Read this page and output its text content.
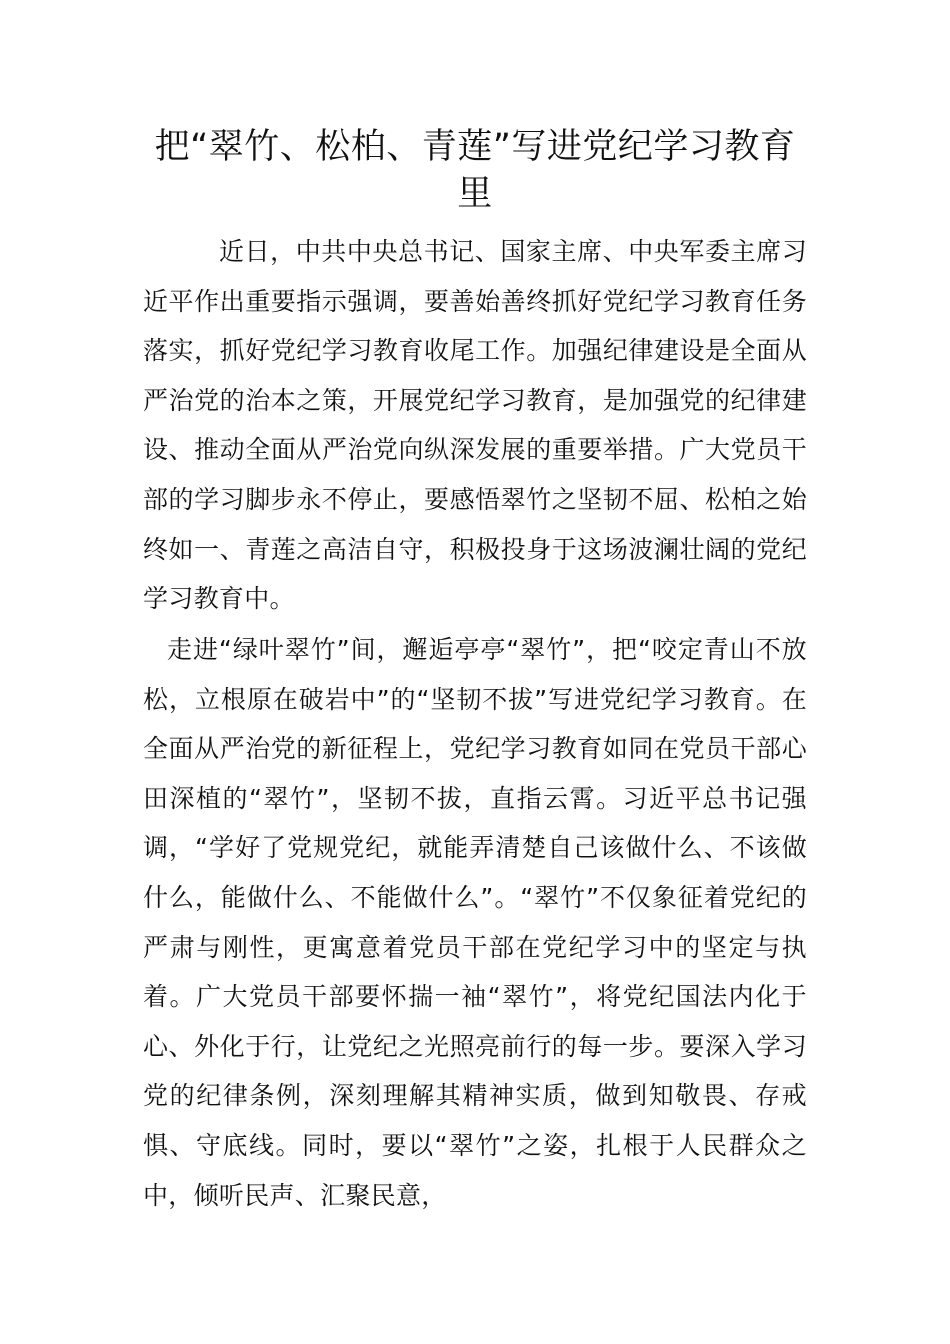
把“翠竹、松柏、青莲”写进党纪学习教育里

近日，中共中央总书记、国家主席、中央军委主席习近平作出重要指示强调，要善始善终抓好党纪学习教育任务落实，抓好党纪学习教育收尾工作。加强纪律建设是全面从严治党的治本之策，开展党纪学习教育，是加强党的纪律建设、推动全面从严治党向纵深发展的重要举措。广大党员干部的学习脚步永不停止，要感悟翠竹之坚韧不屈、松柏之始终如一、青莲之高洁自守，积极投身于这场波澜壮阔的党纪学习教育中。

走进“绿叶翠竹”间，邂逅亭亭“翠竹”，把“咬定青山不放松，立根原在破岩中”的“坚韧不拔”写进党纪学习教育。在全面从严治党的新征程上，党纪学习教育如同在党员干部心田深植的“翠竹”，坚韧不拔，直指云霄。习近平总书记强调，“学好了党规党纪，就能弄清楚自己该做什么、不该做什么，能做什么、不能做什么”。“翠竹”不仅象征着党纪的严肃与刚性，更寓意着党员干部在党纪学习中的坚定与执着。广大党员干部要怀揣一袖“翠竹”，将党纪国法内化于心、外化于行，让党纪之光照亮前行的每一步。要深入学习党的纪律条例，深刻理解其精神实质，做到知敬畏、存戒惧、守底线。同时，要以“翠竹”之姿，扎根于人民群众之中，倾听民声、汇聚民意，
